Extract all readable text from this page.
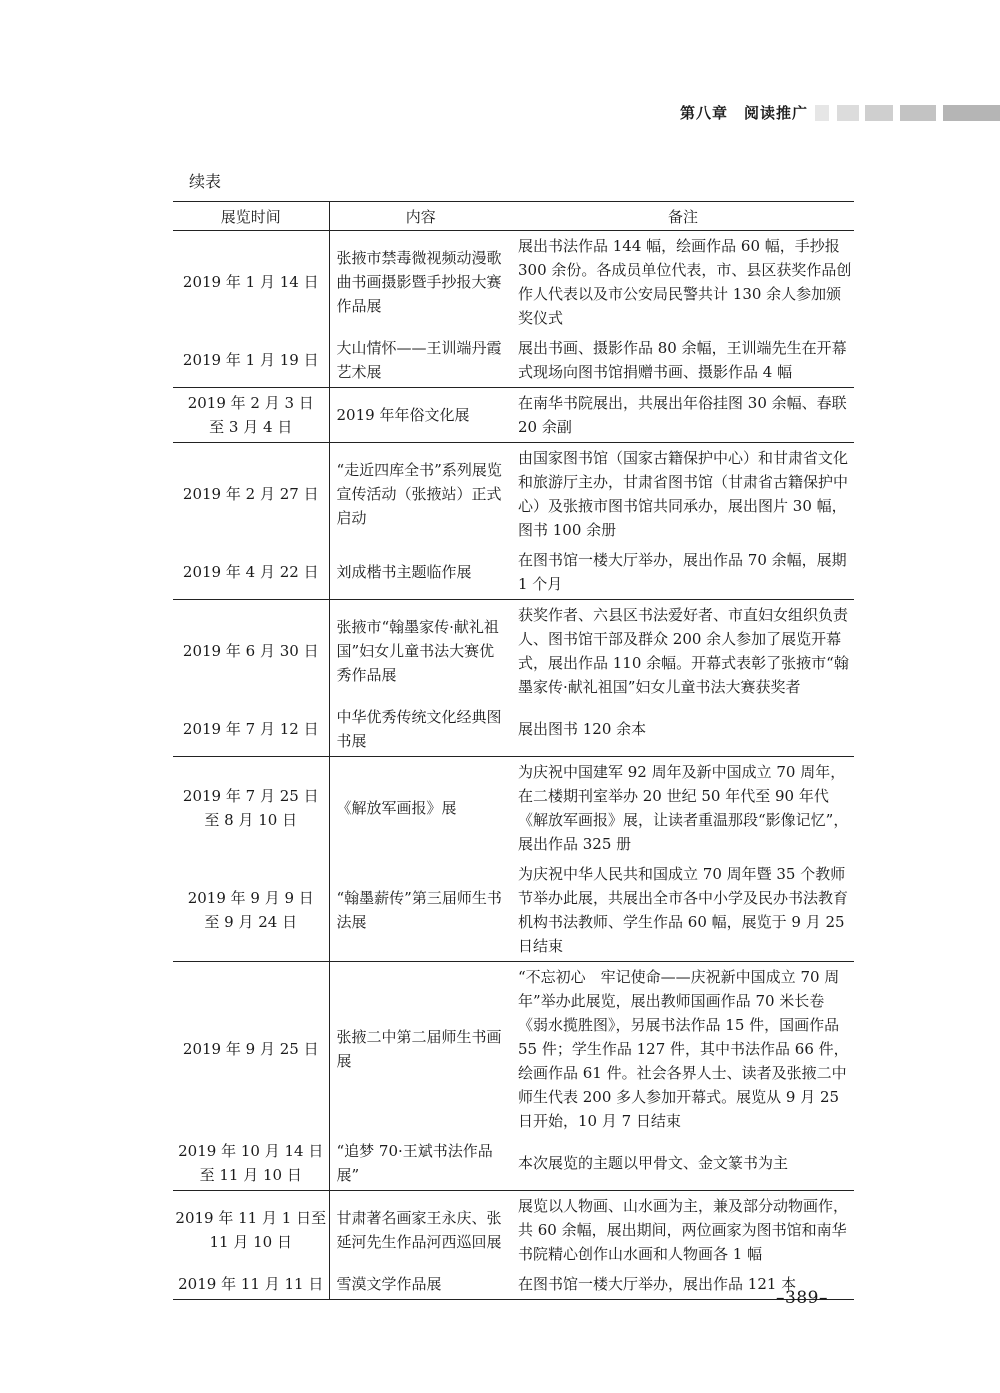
第八章　阅读推广
续表
展览时间	内容	备注

2019 年 1 月 14 日	张掖市禁毒微视频动漫歌曲书画摄影暨手抄报大赛作品展	展出书法作品 144 幅，绘画作品 60 幅，手抄报 300 余份。各成员单位代表，市、县区获奖作品创作人代表以及市公安局民警共计 130 余人参加颁奖仪式

2019 年 1 月 19 日	大山情怀——王训端丹霞艺术展	展出书画、摄影作品 80 余幅，王训端先生在开幕式现场向图书馆捐赠书画、摄影作品 4 幅

2019 年 2 月 3 日
至 3 月 4 日	2019 年年俗文化展	在南华书院展出，共展出年俗挂图 30 余幅、春联 20 余副

2019 年 2 月 27 日	“走近四库全书”系列展览宣传活动（张掖站）正式启动	由国家图书馆（国家古籍保护中心）和甘肃省文化和旅游厅主办，甘肃省图书馆（甘肃省古籍保护中心）及张掖市图书馆共同承办，展出图片 30 幅，图书 100 余册

2019 年 4 月 22 日	刘成楷书主题临作展	在图书馆一楼大厅举办，展出作品 70 余幅，展期 1 个月

2019 年 6 月 30 日	张掖市“翰墨家传·献礼祖国”妇女儿童书法大赛优秀作品展	获奖作者、六县区书法爱好者、市直妇女组织负责人、图书馆干部及群众 200 余人参加了展览开幕式，展出作品 110 余幅。开幕式表彰了张掖市“翰墨家传·献礼祖国”妇女儿童书法大赛获奖者

2019 年 7 月 12 日	中华优秀传统文化经典图书展	展出图书 120 余本

2019 年 7 月 25 日
至 8 月 10 日	《解放军画报》展	为庆祝中国建军 92 周年及新中国成立 70 周年，在二楼期刊室举办 20 世纪 50 年代至 90 年代《解放军画报》展，让读者重温那段“影像记忆”，展出作品 325 册

2019 年 9 月 9 日
至 9 月 24 日	“翰墨薪传”第三届师生书法展	为庆祝中华人民共和国成立 70 周年暨 35 个教师节举办此展，共展出全市各中小学及民办书法教育机构书法教师、学生作品 60 幅，展览于 9 月 25 日结束

2019 年 9 月 25 日	张掖二中第二届师生书画展	“不忘初心　牢记使命——庆祝新中国成立 70 周年”举办此展览，展出教师国画作品 70 米长卷《弱水揽胜图》，另展书法作品 15 件，国画作品 55 件；学生作品 127 件，其中书法作品 66 件，绘画作品 61 件。社会各界人士、读者及张掖二中师生代表 200 多人参加开幕式。展览从 9 月 25 日开始，10 月 7 日结束

2019 年 10 月 14 日
至 11 月 10 日	“追梦 70·王斌书法作品展”	本次展览的主题以甲骨文、金文篆书为主

2019 年 11 月 1 日至
11 月 10 日	甘肃著名画家王永庆、张延河先生作品河西巡回展	展览以人物画、山水画为主，兼及部分动物画作，共 60 余幅，展出期间，两位画家为图书馆和南华书院精心创作山水画和人物画各 1 幅

2019 年 11 月 11 日	雪漠文学作品展	在图书馆一楼大厅举办，展出作品 121 本
–389–
